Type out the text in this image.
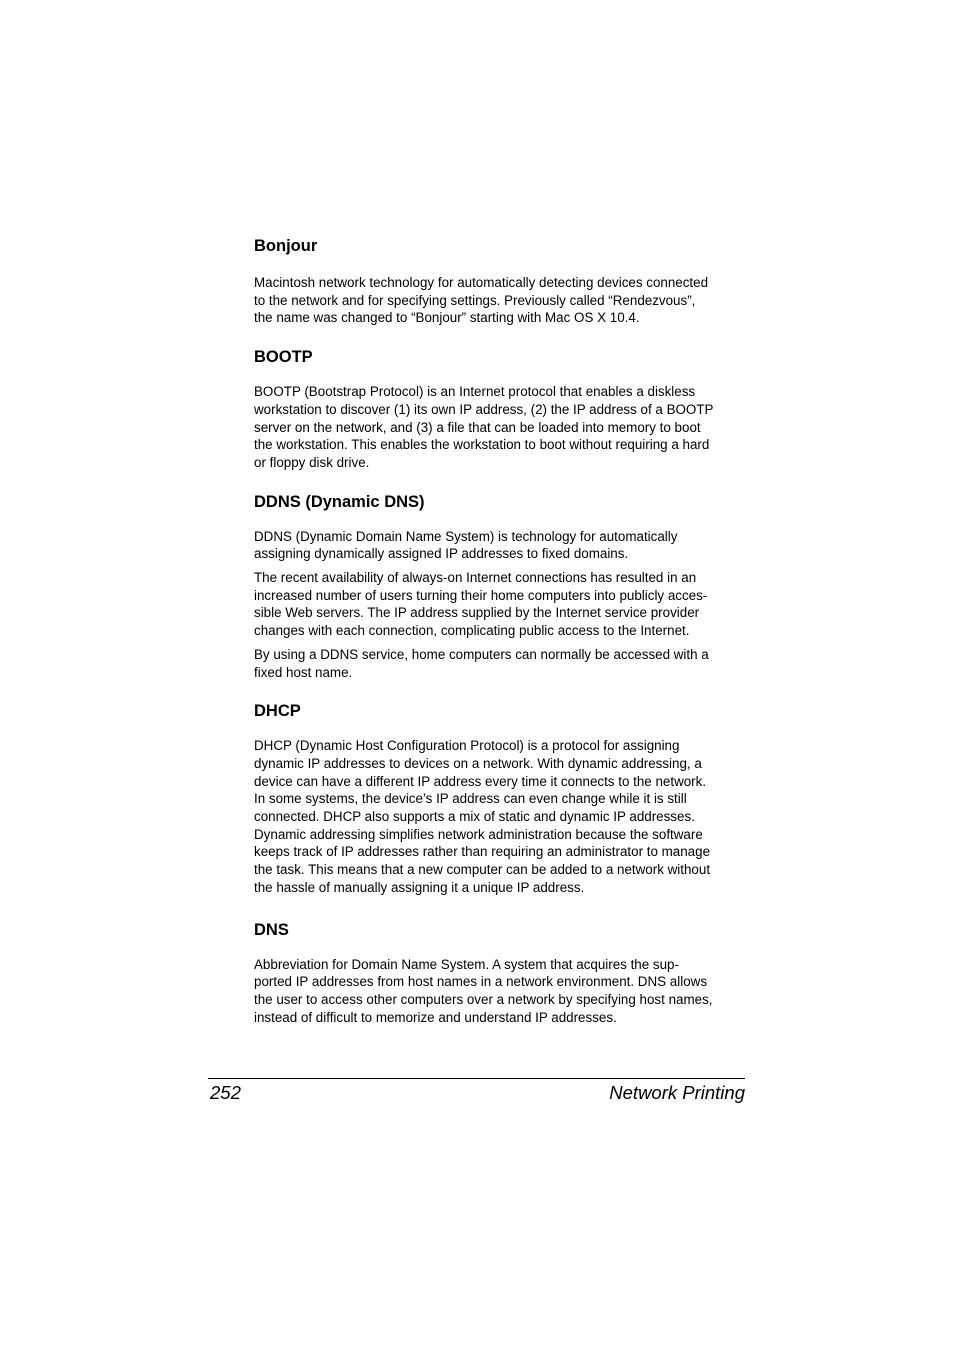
Bonjour
Macintosh network technology for automatically detecting devices connected
to the network and for specifying settings. Previously called “Rendezvous”,
the name was changed to “Bonjour” starting with Mac OS X 10.4.
BOOTP
BOOTP (Bootstrap Protocol) is an Internet protocol that enables a diskless
workstation to discover (1) its own IP address, (2) the IP address of a BOOTP
server on the network, and (3) a file that can be loaded into memory to boot
the workstation. This enables the workstation to boot without requiring a hard
or floppy disk drive.
DDNS (Dynamic DNS)
DDNS (Dynamic Domain Name System) is technology for automatically
assigning dynamically assigned IP addresses to fixed domains.
The recent availability of always-on Internet connections has resulted in an
increased number of users turning their home computers into publicly acces-
sible Web servers. The IP address supplied by the Internet service provider
changes with each connection, complicating public access to the Internet.
By using a DDNS service, home computers can normally be accessed with a
fixed host name.
DHCP
DHCP (Dynamic Host Configuration Protocol) is a protocol for assigning
dynamic IP addresses to devices on a network. With dynamic addressing, a
device can have a different IP address every time it connects to the network.
In some systems, the device’s IP address can even change while it is still
connected. DHCP also supports a mix of static and dynamic IP addresses.
Dynamic addressing simplifies network administration because the software
keeps track of IP addresses rather than requiring an administrator to manage
the task. This means that a new computer can be added to a network without
the hassle of manually assigning it a unique IP address.
DNS
Abbreviation for Domain Name System. A system that acquires the sup-
ported IP addresses from host names in a network environment. DNS allows
the user to access other computers over a network by specifying host names,
instead of difficult to memorize and understand IP addresses.
252	Network Printing
